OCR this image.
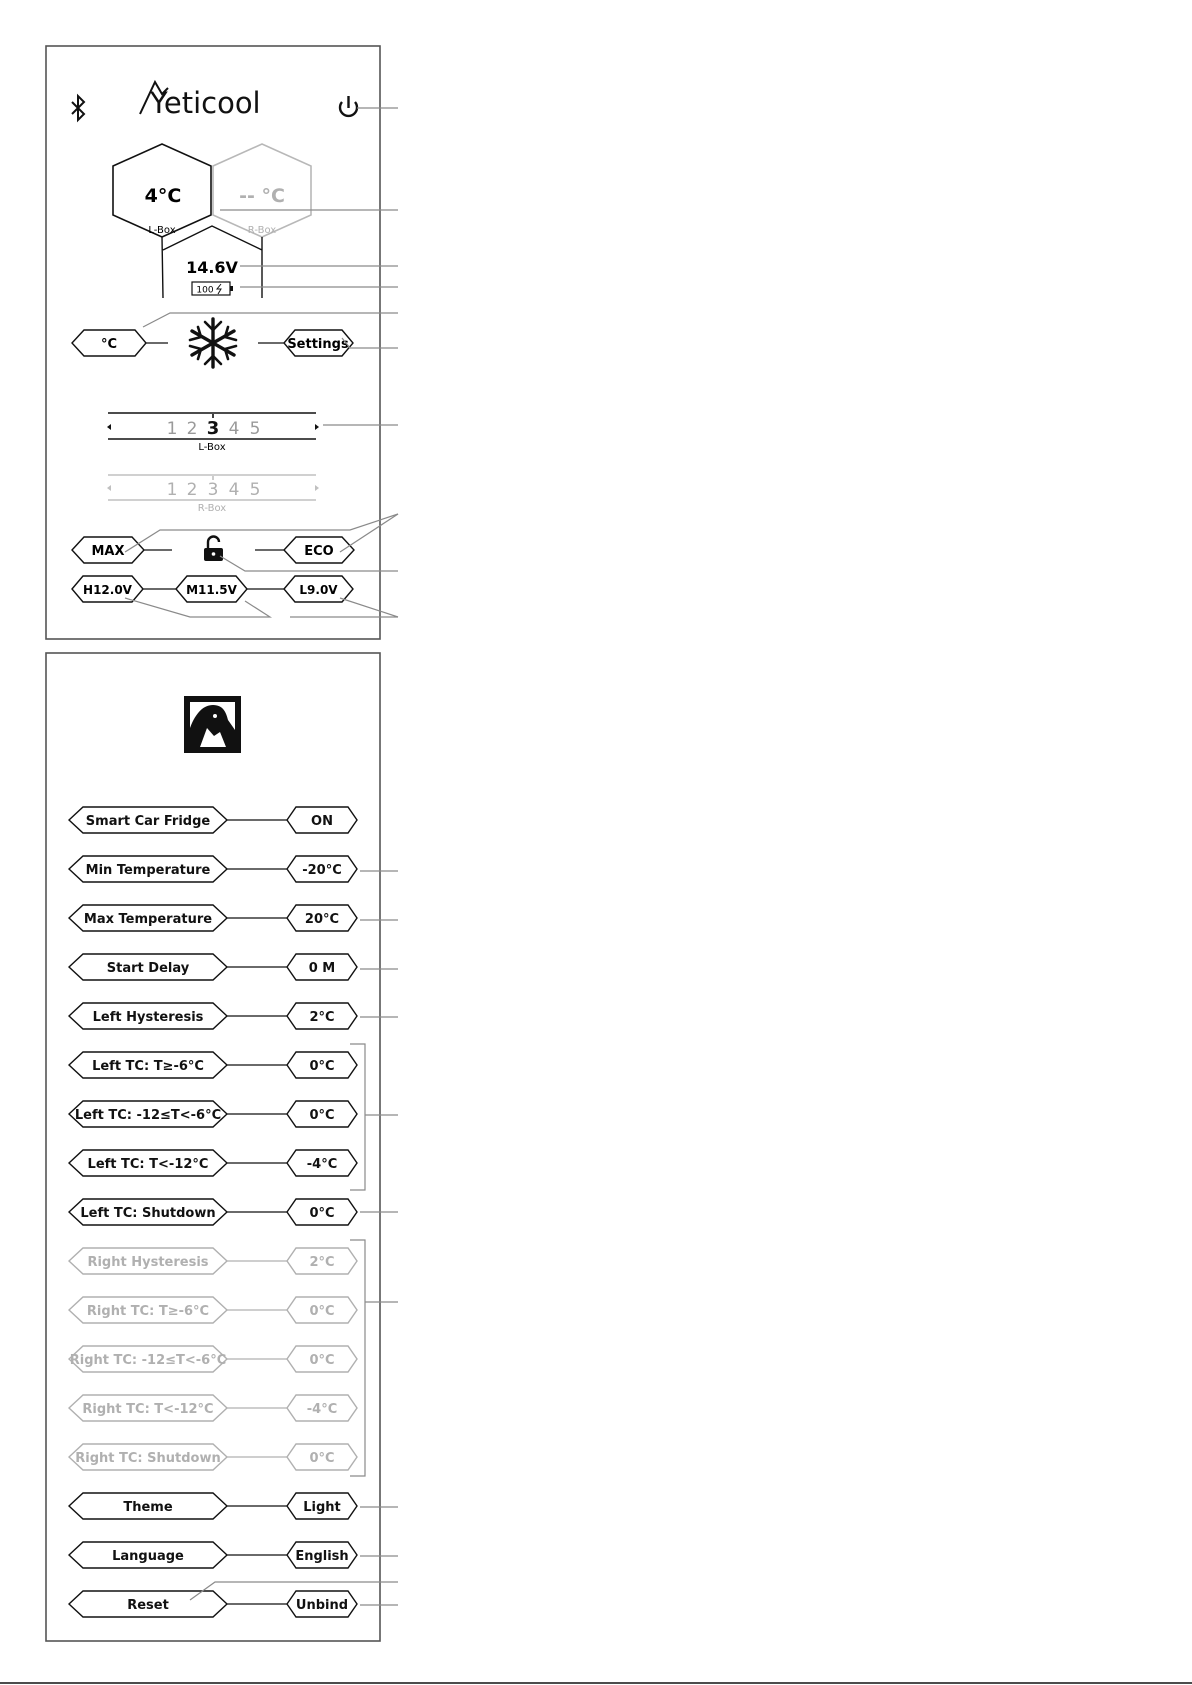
Yeticool
4°C
L-Box
-- °C
R-Box
14.6V
100
°C	Settings
1 2 3 4 5
L-Box
1 2 3 4 5
R-Box
MAX	ECO
H12.0V	M11.5V	L9.0V
Smart Car Fridge	ON
Min Temperature	-20°C
Max Temperature	20°C
Start Delay	0 M
Left Hysteresis	2°C
Left TC: T≥-6°C	0°C
Left TC: -12≤T<-6°C	0°C
Left TC: T<-12°C	-4°C
Left TC: Shutdown	0°C
Right Hysteresis	2°C
Right TC: T≥-6°C	0°C
Right TC: -12≤T<-6°C	0°C
Right TC: T<-12°C	-4°C
Right TC: Shutdown	0°C
Theme	Light
Language	English
Reset	Unbind
